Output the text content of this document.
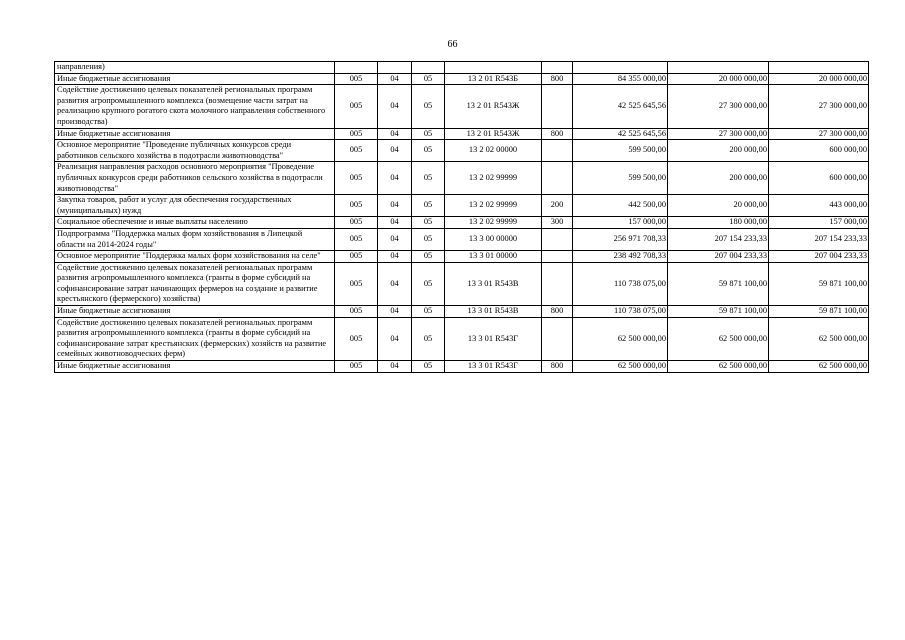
66
направления)								
Иные бюджетные ассигнования	005	04	05	13 2 01 R543Б	800	84 355 000,00	20 000 000,00	20 000 000,00
Содействие достижению целевых показателей региональных программ развития агропромышленного комплекса (возмещение части затрат на реализацию крупного рогатого скота молочного направления собственного производства)	005	04	05	13 2 01 R543Ж		42 525 645,56	27 300 000,00	27 300 000,00
Иные бюджетные ассигнования	005	04	05	13 2 01 R543Ж	800	42 525 645,56	27 300 000,00	27 300 000,00
Основное мероприятие "Проведение публичных конкурсов среди работников сельского хозяйства в подотрасли животноводства"	005	04	05	13 2 02 00000		599 500,00	200 000,00	600 000,00
Реализация направления расходов основного мероприятия "Проведение публичных конкурсов среди работников сельского хозяйства в подотрасли животноводства"	005	04	05	13 2 02 99999		599 500,00	200 000,00	600 000,00
Закупка товаров, работ и услуг для обеспечения государственных (муниципальных) нужд	005	04	05	13 2 02 99999	200	442 500,00	20 000,00	443 000,00
Социальное обеспечение и иные выплаты населению	005	04	05	13 2 02 99999	300	157 000,00	180 000,00	157 000,00
Подпрограмма "Поддержка малых форм хозяйствования в Липецкой области на 2014-2024 годы"	005	04	05	13 3 00 00000		256 971 708,33	207 154 233,33	207 154 233,33
Основное мероприятие "Поддержка малых форм хозяйствования на селе"	005	04	05	13 3 01 00000		238 492 708,33	207 004 233,33	207 004 233,33
Содействие достижению целевых показателей региональных программ развития агропромышленного комплекса (гранты в форме субсидий на софинансирование затрат начинающих фермеров на создание и развитие крестьянского (фермерского) хозяйства)	005	04	05	13 3 01 R543В		110 738 075,00	59 871 100,00	59 871 100,00
Иные бюджетные ассигнования	005	04	05	13 3 01 R543В	800	110 738 075,00	59 871 100,00	59 871 100,00
Содействие достижению целевых показателей региональных программ развития агропромышленного комплекса (гранты в форме субсидий на софинансирование затрат крестьянских (фермерских) хозяйств на развитие семейных животноводческих ферм)	005	04	05	13 3 01 R543Г		62 500 000,00	62 500 000,00	62 500 000,00
Иные бюджетные ассигнования	005	04	05	13 3 01 R543Г	800	62 500 000,00	62 500 000,00	62 500 000,00
